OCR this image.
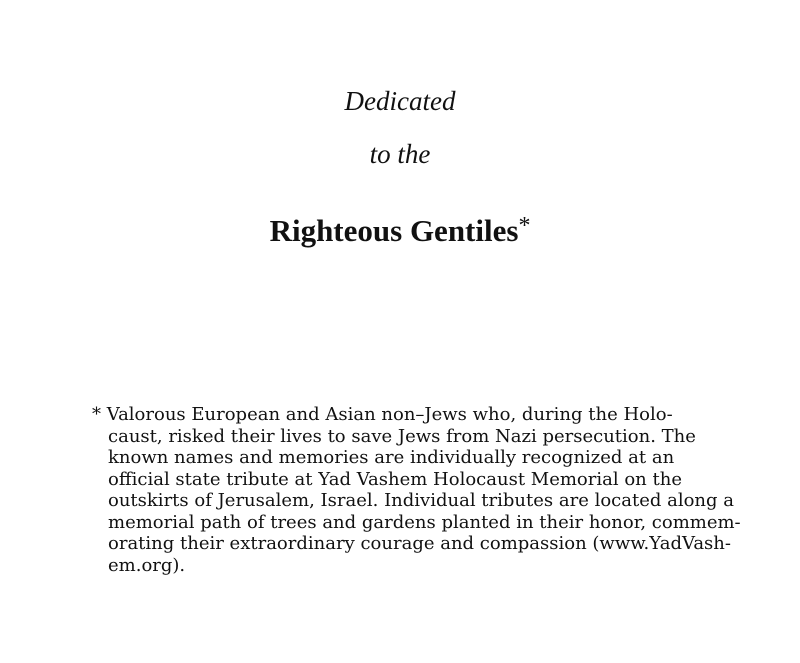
Dedicated

to the

Righteous Gentiles*
* Valorous European and Asian non–Jews who, during the Holo-
caust, risked their lives to save Jews from Nazi persecution. The
known names and memories are individually recognized at an
official state tribute at Yad Vashem Holocaust Memorial on the
outskirts of Jerusalem, Israel. Individual tributes are located along a
memorial path of trees and gardens planted in their honor, commem-
orating their extraordinary courage and compassion (www.YadVash-
em.org).
